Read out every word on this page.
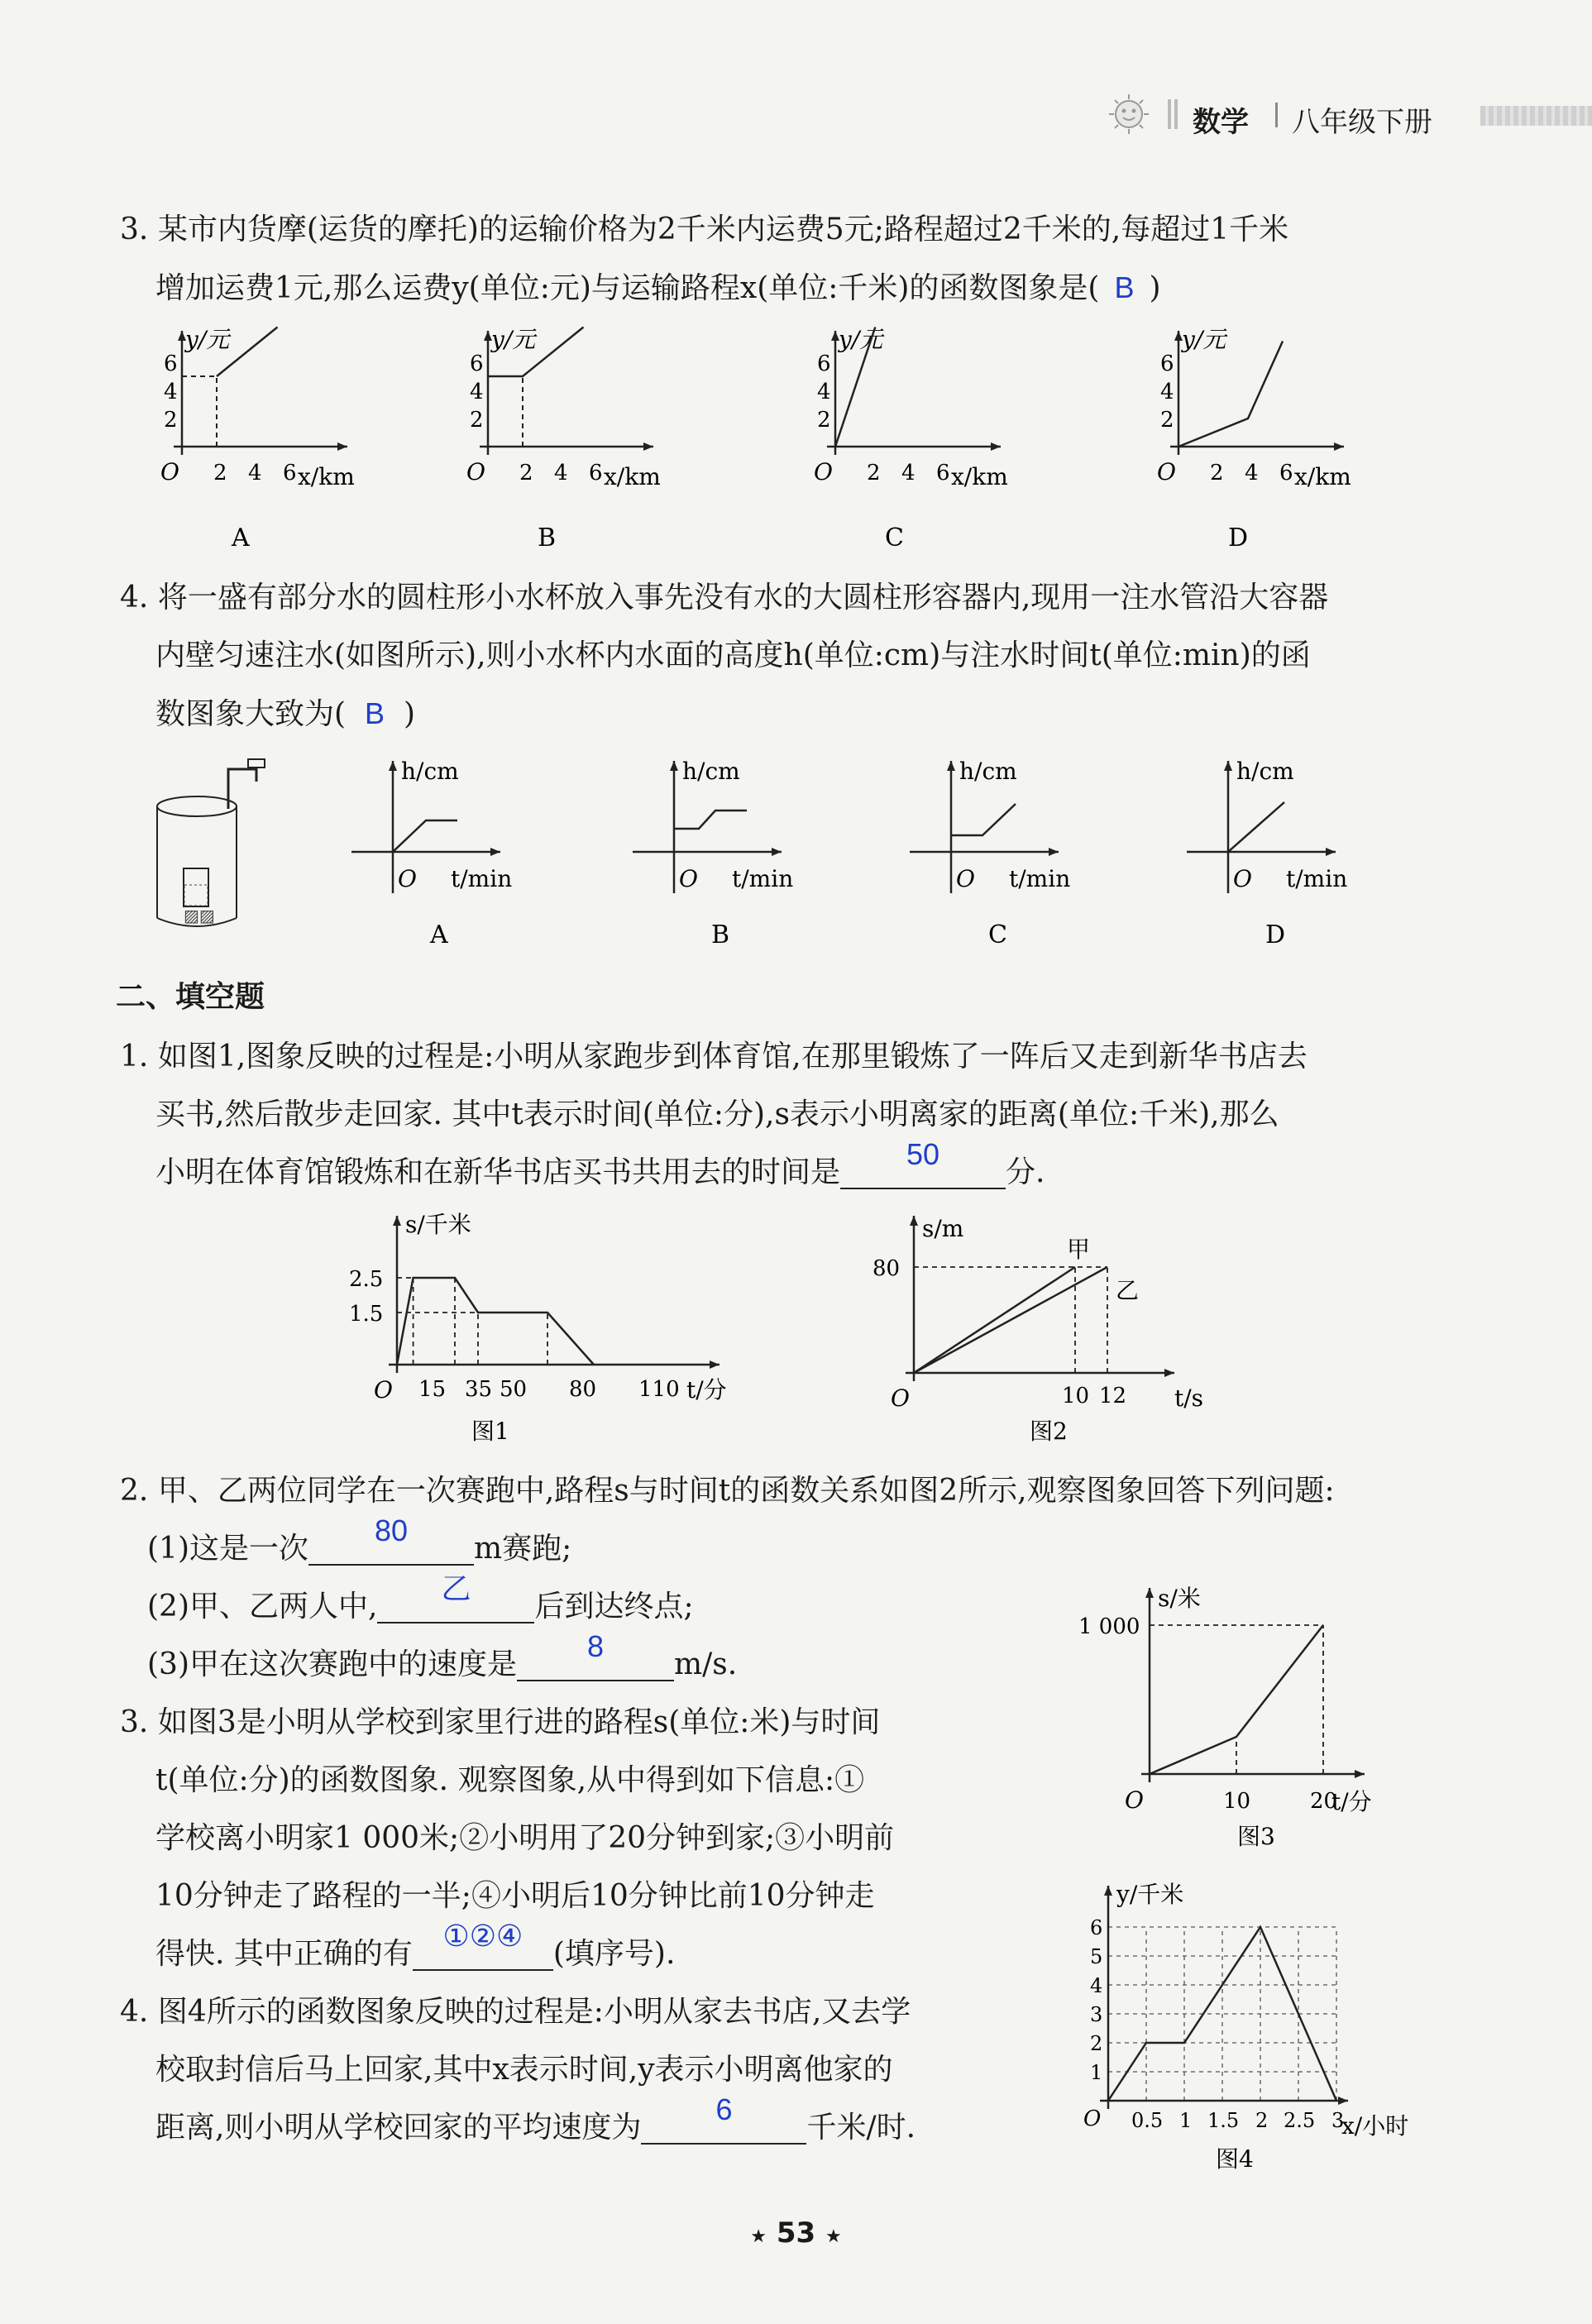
数学 八年级下册
3. 某市内货摩(运货的摩托)的运输价格为2千米内运费5元;路程超过2千米的,每超过1千米
增加运费1元,那么运费y(单位:元)与运输路程x(单位:千米)的函数图象是( B )
y/元
x/km
O
6
4
2
2 4 6
A
y/元
x/km
O
6
4
2
2 4 6
B
y/元
x/km
O
6
4
2
2 4 6
C
y/元
x/km
O
6
4
2
2 4 6
D
4. 将一盛有部分水的圆柱形小水杯放入事先没有水的大圆柱形容器内,现用一注水管沿大容器
内壁匀速注水(如图所示),则小水杯内水面的高度h(单位:cm)与注水时间t(单位:min)的函
数图象大致为( B )
▨▨
h/cm
t/min
O
A
h/cm
t/min
O
B
h/cm
t/min
O
C
h/cm
t/min
O
D
二、填空题
1. 如图1,图象反映的过程是:小明从家跑步到体育馆,在那里锻炼了一阵后又走到新华书店去
买书,然后散步走回家. 其中t表示时间(单位:分),s表示小明离家的距离(单位:千米),那么
小明在体育馆锻炼和在新华书店买书共用去的时间是
50
分.
s/千米
t/分
O
2.5
1.5
15 35 50 80 110
图1
s/m
t/s
O
80
10 12
甲
乙
图2
2. 甲、乙两位同学在一次赛跑中,路程s与时间t的函数关系如图2所示,观察图象回答下列问题:
(1)这是一次
80
m赛跑;
(2)甲、乙两人中,
乙
后到达终点;
(3)甲在这次赛跑中的速度是
8
m/s.
3. 如图3是小明从学校到家里行进的路程s(单位:米)与时间
t(单位:分)的函数图象. 观察图象,从中得到如下信息:①
学校离小明家1 000米;②小明用了20分钟到家;③小明前
10分钟走了路程的一半;④小明后10分钟比前10分钟走
得快. 其中正确的有
①②④
(填序号).
4. 图4所示的函数图象反映的过程是:小明从家去书店,又去学
校取封信后马上回家,其中x表示时间,y表示小明离他家的
距离,则小明从学校回家的平均速度为
6
千米/时.
s/米
t/分
O
1 000
10	20
图3
y/千米
x/小时
O
6
5
4
3
2
1
0.5 1 1.5 2 2.5 3
图4
★ 53 ★
